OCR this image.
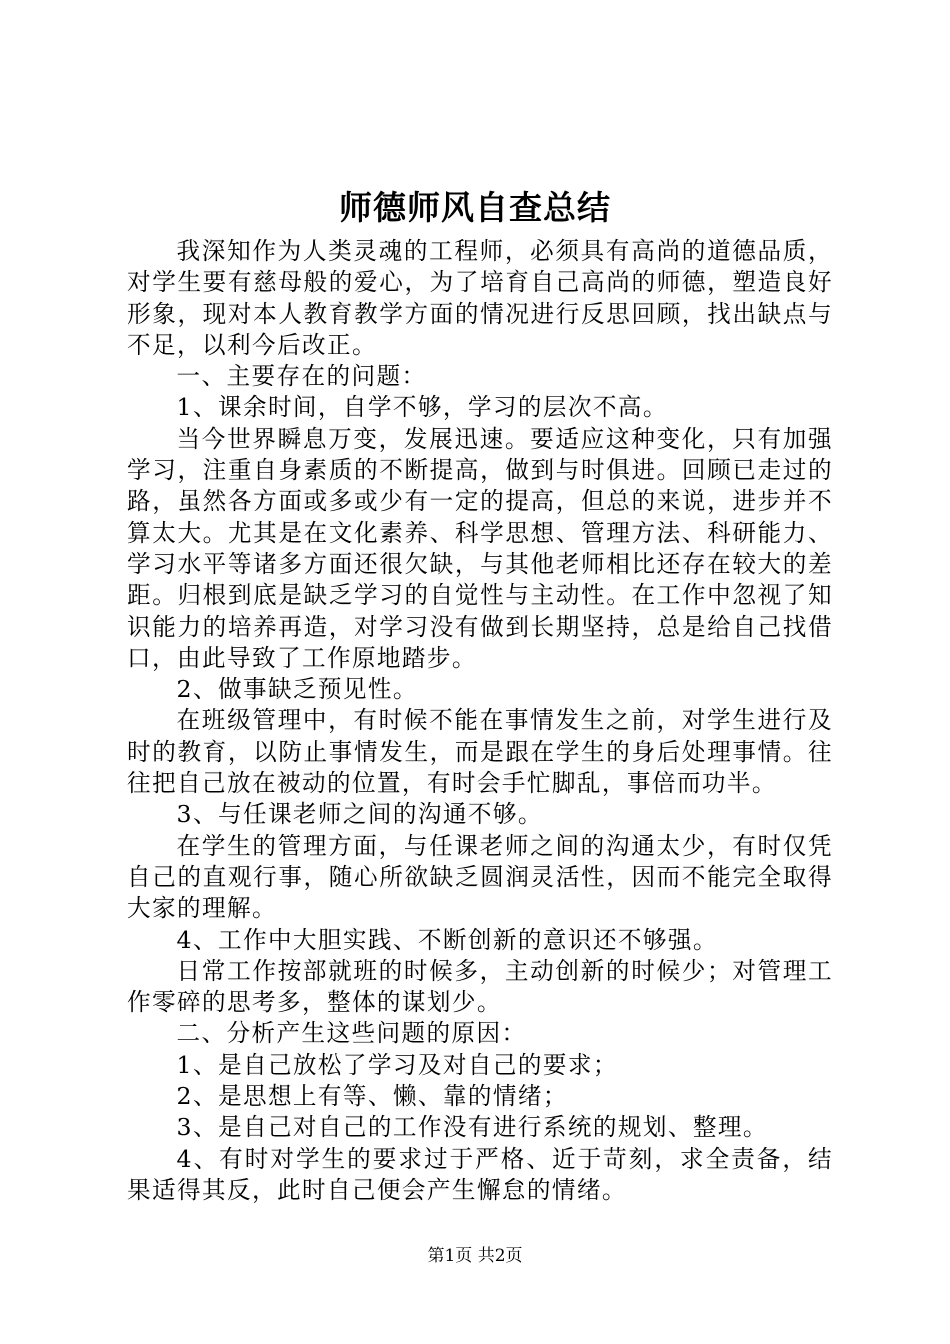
师德师风自查总结

我深知作为人类灵魂的工程师，必须具有高尚的道德品质，对学生要有慈母般的爱心，为了培育自己高尚的师德，塑造良好形象，现对本人教育教学方面的情况进行反思回顾，找出缺点与不足，以利今后改正。

一、主要存在的问题：

1、课余时间，自学不够，学习的层次不高。

当今世界瞬息万变，发展迅速。要适应这种变化，只有加强学习，注重自身素质的不断提高，做到与时俱进。回顾已走过的路，虽然各方面或多或少有一定的提高，但总的来说，进步并不算太大。尤其是在文化素养、科学思想、管理方法、科研能力、学习水平等诸多方面还很欠缺，与其他老师相比还存在较大的差距。归根到底是缺乏学习的自觉性与主动性。在工作中忽视了知识能力的培养再造，对学习没有做到长期坚持，总是给自己找借口，由此导致了工作原地踏步。

2、做事缺乏预见性。

在班级管理中，有时候不能在事情发生之前，对学生进行及时的教育，以防止事情发生，而是跟在学生的身后处理事情。往往把自己放在被动的位置，有时会手忙脚乱，事倍而功半。

3、与任课老师之间的沟通不够。

在学生的管理方面，与任课老师之间的沟通太少，有时仅凭自己的直观行事，随心所欲缺乏圆润灵活性，因而不能完全取得大家的理解。

4、工作中大胆实践、不断创新的意识还不够强。

日常工作按部就班的时候多，主动创新的时候少；对管理工作零碎的思考多，整体的谋划少。

二、分析产生这些问题的原因：

1、是自己放松了学习及对自己的要求；

2、是思想上有等、懒、靠的情绪；

3、是自己对自己的工作没有进行系统的规划、整理。

4、有时对学生的要求过于严格、近于苛刻，求全责备，结果适得其反，此时自己便会产生懈怠的情绪。

第1页 共2页
